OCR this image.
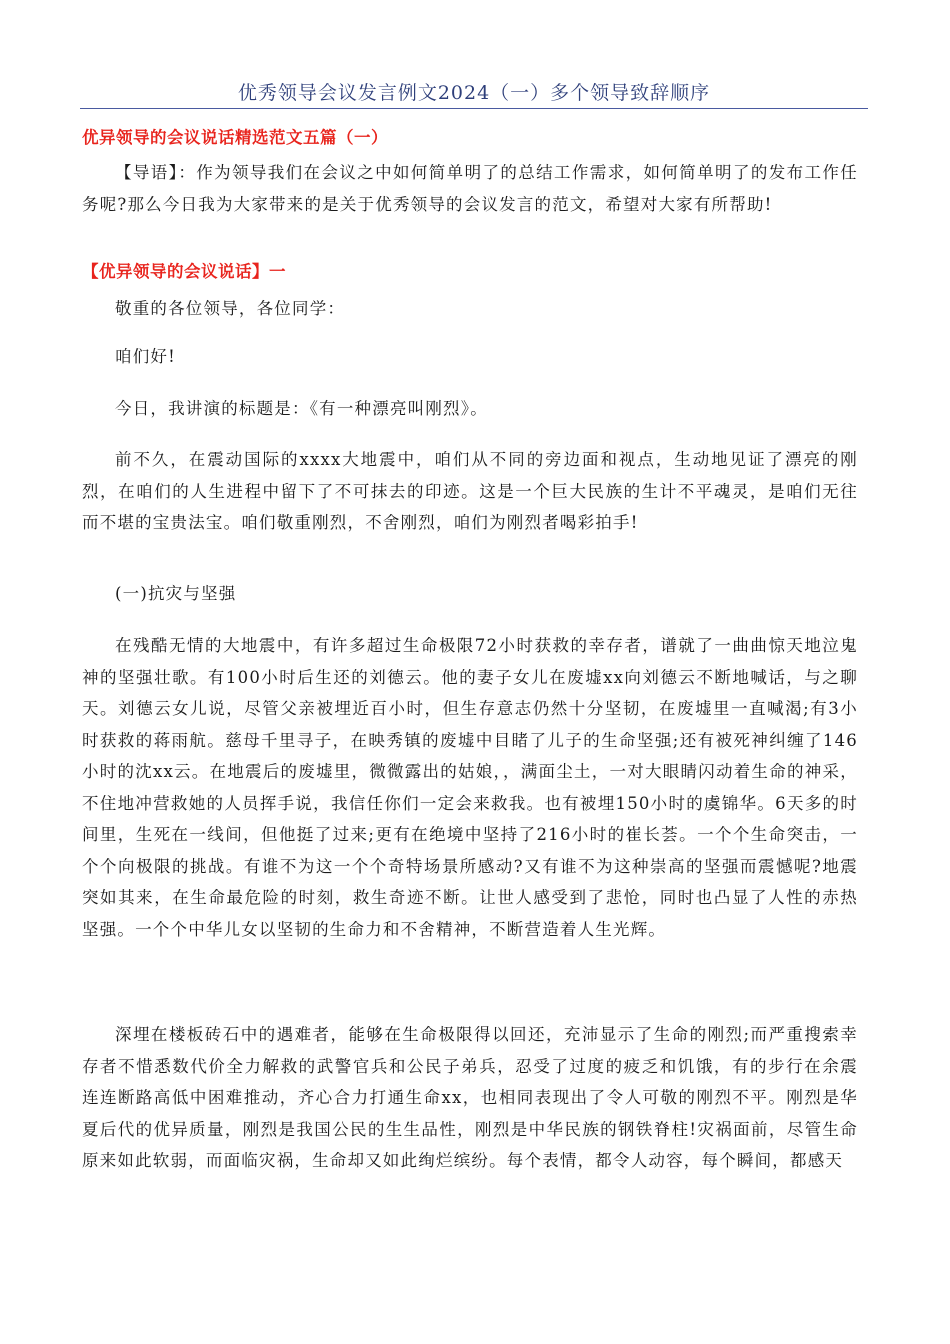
优秀领导会议发言例文2024（一）多个领导致辞顺序
优异领导的会议说话精选范文五篇（一）

【导语】：作为领导我们在会议之中如何简单明了的总结工作需求，如何简单明了的发布工作任务呢?那么今日我为大家带来的是关于优秀领导的会议发言的范文，希望对大家有所帮助!

【优异领导的会议说话】一
敬重的各位领导，各位同学：
咱们好!
今日，我讲演的标题是：《有一种漂亮叫刚烈》。

前不久，在震动国际的xxxx大地震中，咱们从不同的旁边面和视点，生动地见证了漂亮的刚烈，在咱们的人生进程中留下了不可抹去的印迹。这是一个巨大民族的生计不平魂灵，是咱们无往而不堪的宝贵法宝。咱们敬重刚烈，不舍刚烈，咱们为刚烈者喝彩拍手!

(一)抗灾与坚强

在残酷无情的大地震中，有许多超过生命极限72小时获救的幸存者，谱就了一曲曲惊天地泣鬼神的坚强壮歌。有100小时后生还的刘德云。他的妻子女儿在废墟xx向刘德云不断地喊话，与之聊天。刘德云女儿说，尽管父亲被埋近百小时，但生存意志仍然十分坚韧，在废墟里一直喊渴;有3小时获救的蒋雨航。慈母千里寻子，在映秀镇的废墟中目睹了儿子的生命坚强;还有被死神纠缠了146小时的沈xx云。在地震后的废墟里，微微露出的姑娘，，满面尘土，一对大眼睛闪动着生命的神采，不住地冲营救她的人员挥手说，我信任你们一定会来救我。也有被埋150小时的虞锦华。6天多的时间里，生死在一线间，但他挺了过来;更有在绝境中坚持了216小时的崔长荟。一个个生命突击，一个个向极限的挑战。有谁不为这一个个奇特场景所感动?又有谁不为这种崇高的坚强而震憾呢?地震突如其来，在生命最危险的时刻，救生奇迹不断。让世人感受到了悲怆，同时也凸显了人性的赤热坚强。一个个中华儿女以坚韧的生命力和不舍精神，不断营造着人生光辉。

深埋在楼板砖石中的遇难者，能够在生命极限得以回还，充沛显示了生命的刚烈;而严重搜索幸存者不惜悉数代价全力解救的武警官兵和公民子弟兵，忍受了过度的疲乏和饥饿，有的步行在余震连连断路高低中困难推动，齐心合力打通生命xx，也相同表现出了令人可敬的刚烈不平。刚烈是华夏后代的优异质量，刚烈是我国公民的生生品性，刚烈是中华民族的钢铁脊柱!灾祸面前，尽管生命原来如此软弱，而面临灾祸，生命却又如此绚烂缤纷。每个表情，都令人动容，每个瞬间，都感天
